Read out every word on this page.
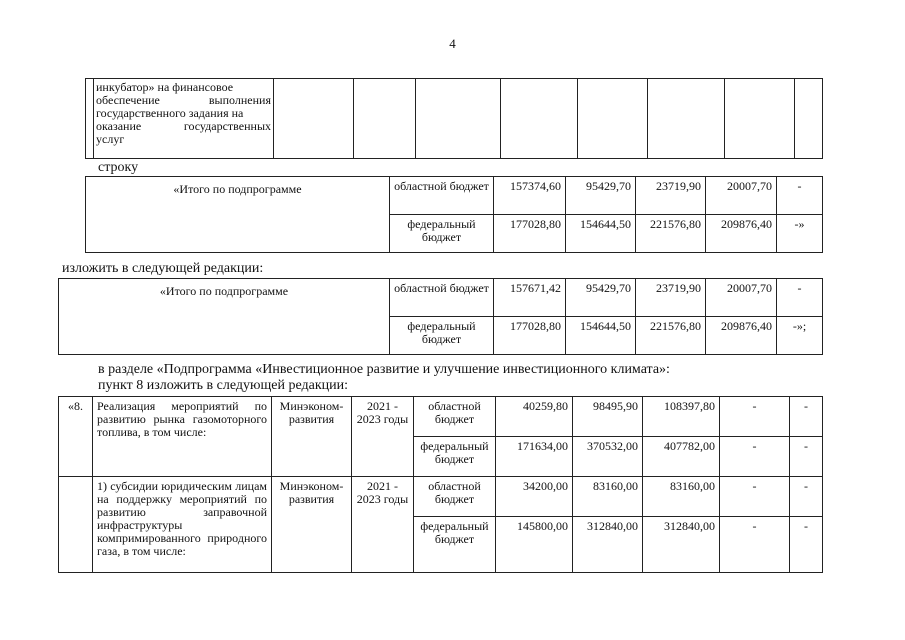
4

инкубатор» на финансовое
обеспечение выполнения
государственного задания на
оказание государственных
услуг

строку
«Итого по подпрограмме	областной бюджет	157374,60	95429,70	23719,90	20007,70	-
	федеральный бюджет	177028,80	154644,50	221576,80	209876,40	-»
изложить в следующей редакции:
«Итого по подпрограмме	областной бюджет	157671,42	95429,70	23719,90	20007,70	-
	федеральный бюджет	177028,80	154644,50	221576,80	209876,40	-»;
в разделе «Подпрограмма «Инвестиционное развитие и улучшение инвестиционного климата»:
пункт 8 изложить в следующей редакции:
«8.	Реализация мероприятий по развитию рынка газомоторного топлива, в том числе:	Минэконом-развития	2021 - 2023 годы	областной бюджет	40259,80	98495,90	108397,80	-	-
				федеральный бюджет	171634,00	370532,00	407782,00	-	-
	1) субсидии юридическим лицам на поддержку мероприятий по развитию заправочной инфраструктуры компримированного природного газа, в том числе:	Минэконом-развития	2021 - 2023 годы	областной бюджет	34200,00	83160,00	83160,00	-	-
				федеральный бюджет	145800,00	312840,00	312840,00	-	-
